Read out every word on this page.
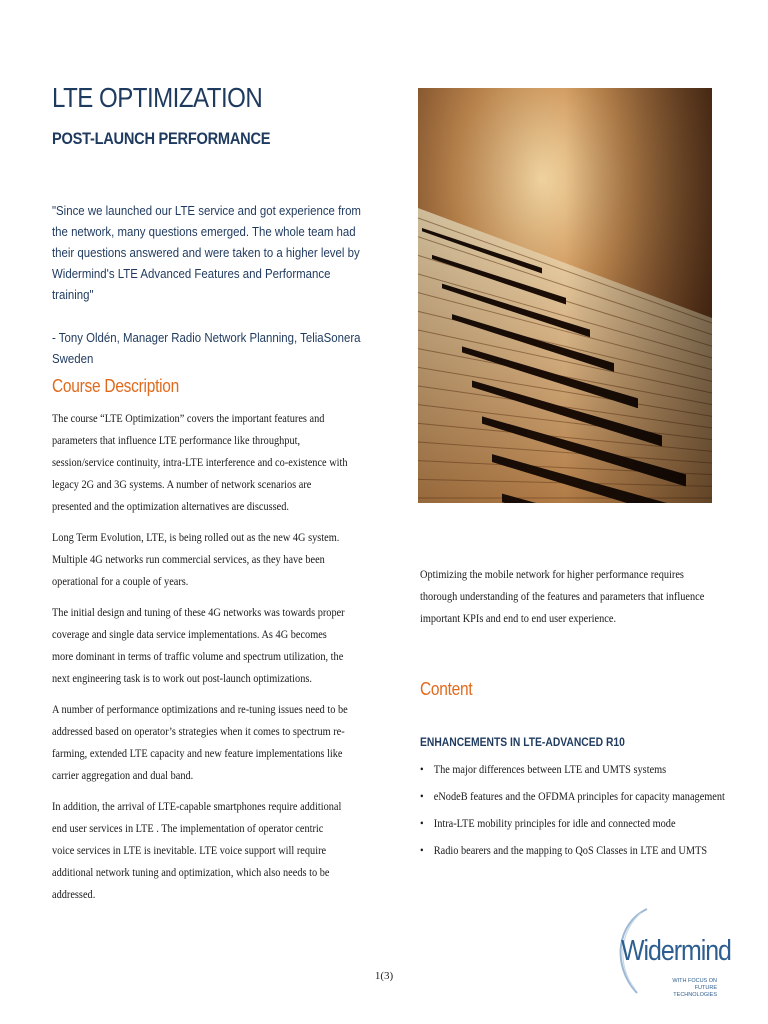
LTE OPTIMIZATION
POST-LAUNCH PERFORMANCE

"Since we launched our LTE service and got experience from the network, many questions emerged. The whole team had their questions answered and were taken to a higher level by Widermind's LTE Advanced Features and Performance training"

- Tony Oldén, Manager Radio Network Planning, TeliaSonera Sweden

Course Description

The course “LTE Optimization” covers the important features and parameters that influence LTE performance like throughput, session/service continuity, intra-LTE interference and co-existence with legacy 2G and 3G systems. A number of network scenarios are presented and the optimization alternatives are discussed.

Long Term Evolution, LTE, is being rolled out as the new 4G system. Multiple 4G networks run commercial services, as they have been operational for a couple of years.

The initial design and tuning of these 4G networks was towards proper coverage and single data service implementations. As 4G becomes more dominant in terms of traffic volume and spectrum utilization, the next engineering task is to work out post-launch optimizations.

A number of performance optimizations and re-tuning issues need to be addressed based on operator’s strategies when it comes to spectrum re-farming, extended LTE capacity and new feature implementations like carrier aggregation and dual band.

In addition, the arrival of LTE-capable smartphones require additional end user services in LTE . The implementation of operator centric voice services in LTE is inevitable. LTE voice support will require additional network tuning and optimization, which also needs to be addressed.

Optimizing the mobile network for higher performance requires thorough understanding of the features and parameters that influence important KPIs and end to end user experience.

Content
ENHANCEMENTS IN LTE-ADVANCED R10
• The major differences between LTE and UMTS systems
• eNodeB features and the OFDMA principles for capacity management
• Intra-LTE mobility principles for idle and connected mode
• Radio bearers and the mapping to QoS Classes in LTE and UMTS
1(3)
Widermind
WITH FOCUS ON FUTURE
TECHNOLOGIES
